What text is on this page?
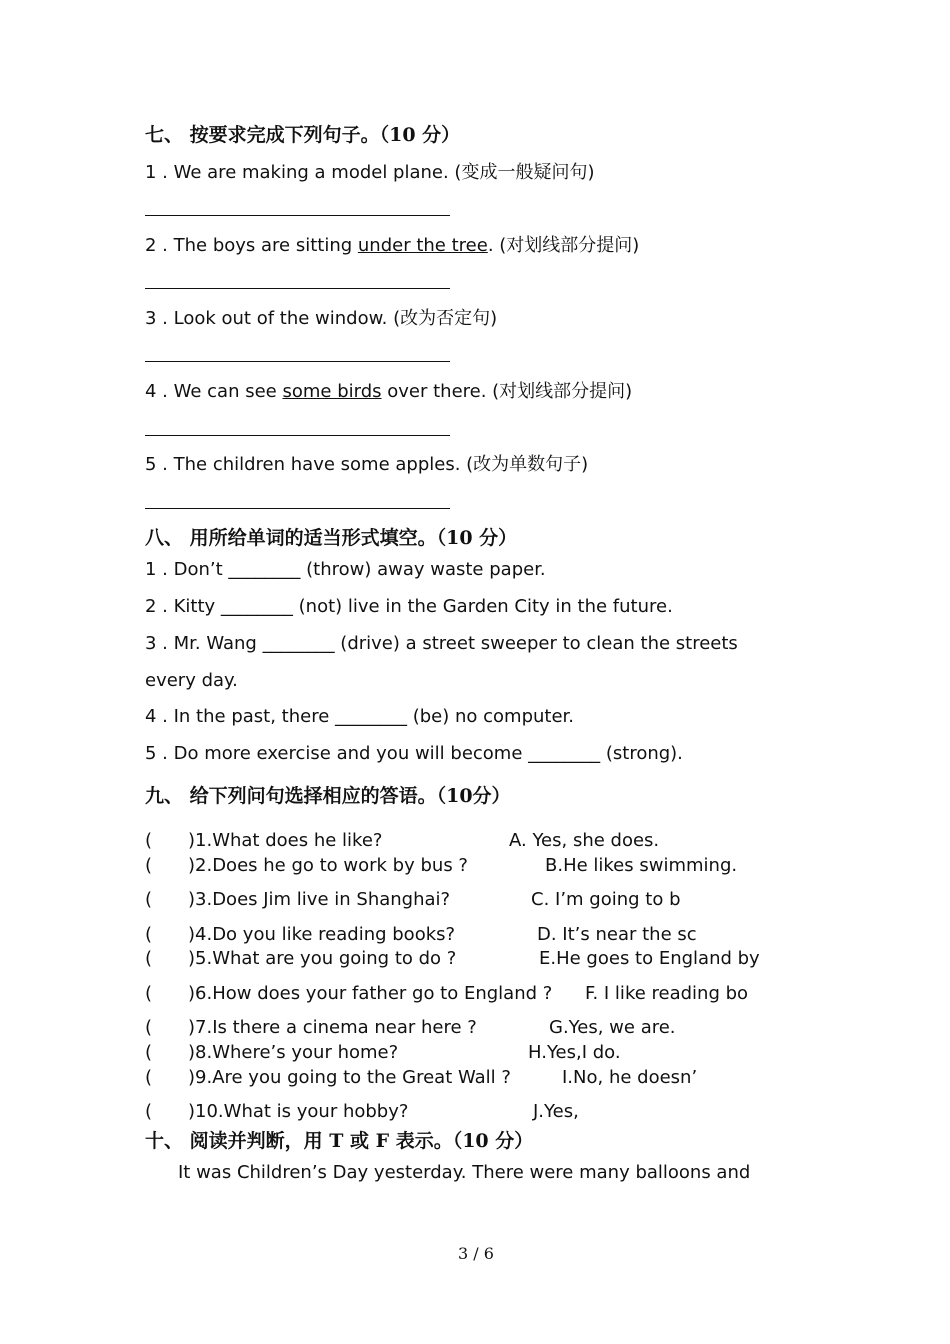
七、 按要求完成下列句子。（10 分）
1 . We are making a model plane. (变成一般疑问句)
2 . The boys are sitting under the tree. (对划线部分提问)
3 . Look out of the window. (改为否定句)
4 . We can see some birds over there. (对划线部分提问)
5 . The children have some apples. (改为单数句子)
八、 用所给单词的适当形式填空。（10 分）
1 . Don’t ________ (throw) away waste paper.
2 . Kitty ________ (not) live in the Garden City in the future.
3 . Mr. Wang ________ (drive) a street sweeper to clean the streets
every day.
4 . In the past, there ________ (be) no computer.
5 . Do more exercise and you will become ________ (strong).
九、 给下列问句选择相应的答语。（10分）
( )1.What does he like?	A. Yes, she does.
( )2.Does he go to work by bus ?	B.He likes swimming.
( )3.Does Jim live in Shanghai?	C. I’m going to b
( )4.Do you like reading books?	D. It’s near the sc
( )5.What are you going to do ?	E.He goes to England by
( )6.How does your father go to England ? F. I like reading bo
( )7.Is there a cinema near here ?	G.Yes, we are.
( )8.Where’s your home?	H.Yes,I do.
( )9.Are you going to the Great Wall ?	I.No, he doesn’
( )10.What is your hobby?	J.Yes,
十、 阅读并判断，用 T 或 F 表示。（10 分）
It was Children’s Day yesterday. There were many balloons and
3 / 6
